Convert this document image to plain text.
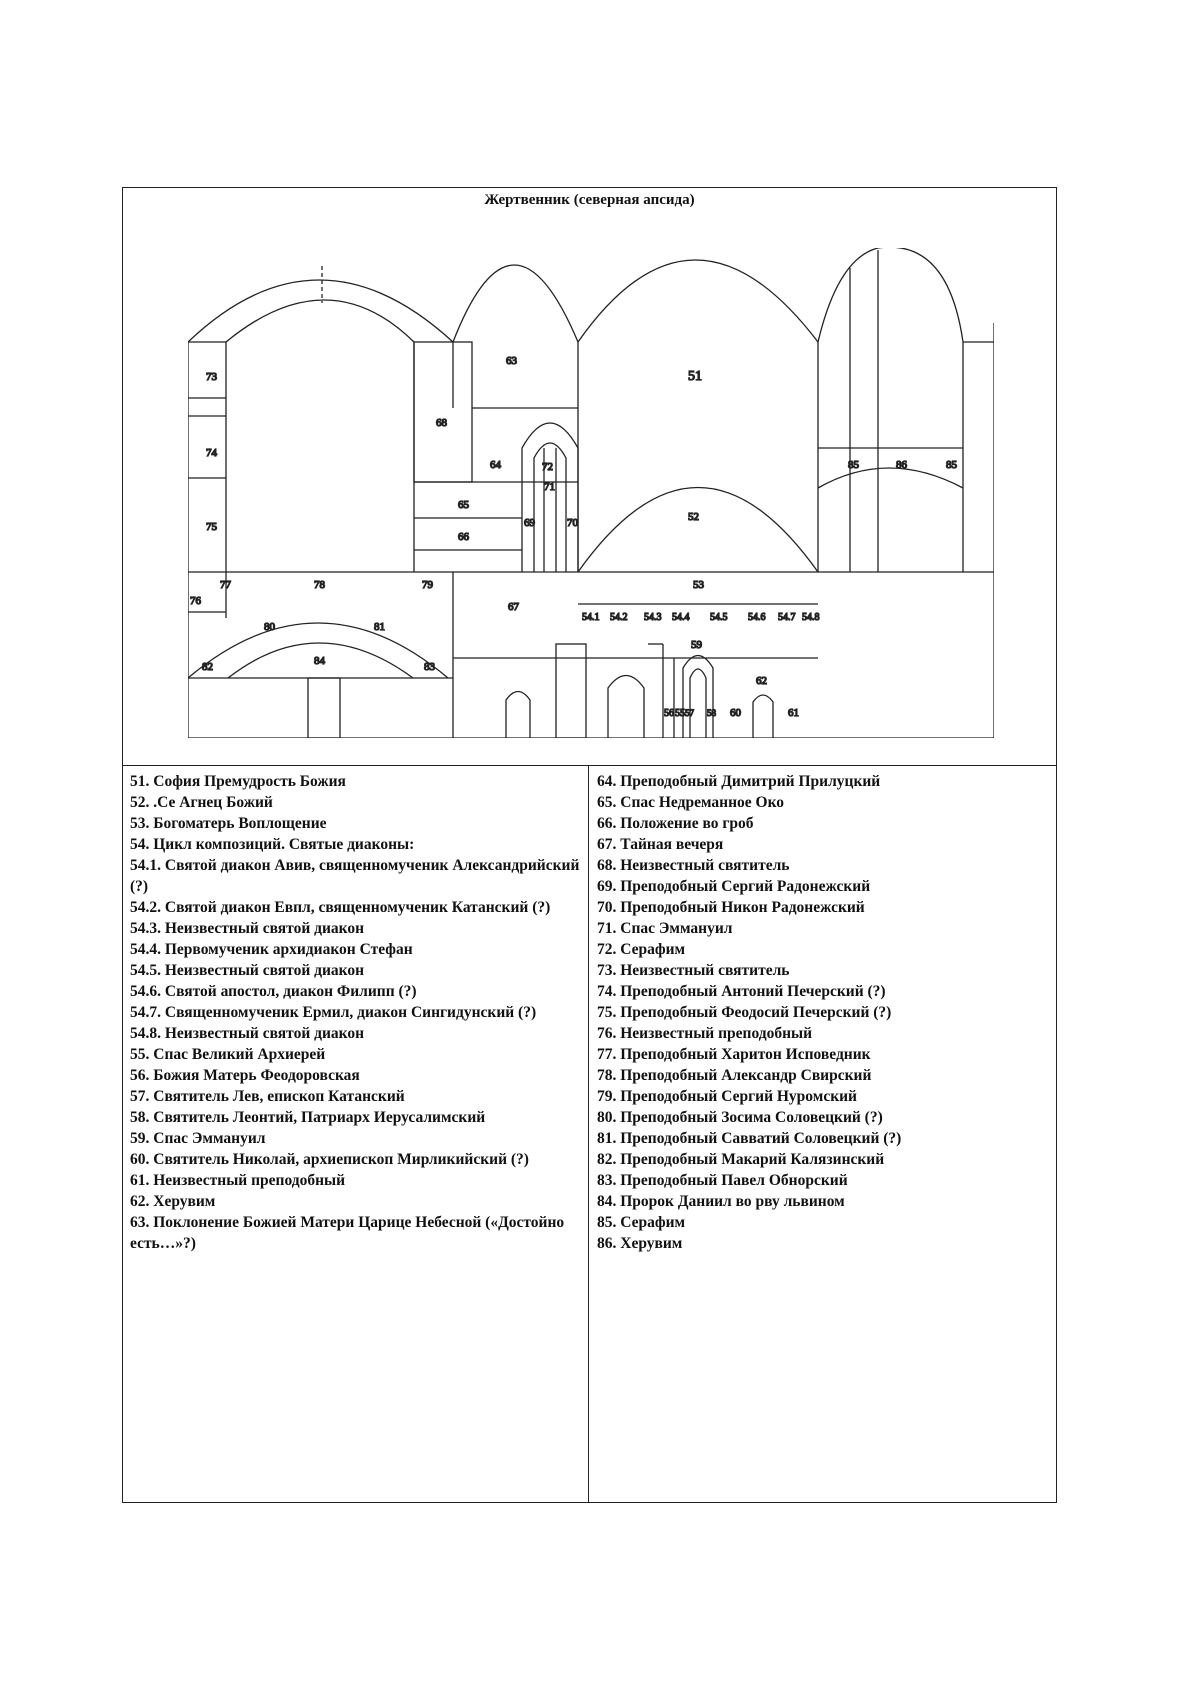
Жертвенник (северная апсида)
73
74
75
68
63
64
65
66
72
71
69	70
51
52
85	86	85
77	78	79
76
80	81
82	84	83
67
53
54.1 54.2 54.3 54.4 54.5 54.6 54.7 54.8
59
56 55 57 58 60
62
61
51. София Премудрость Божия
52. .Се Агнец Божий
53. Богоматерь Воплощение
54. Цикл композиций. Святые диаконы:
54.1. Святой диакон Авив, священномученик Александрийский (?)
54.2. Святой диакон Евпл, священномученик Катанский (?)
54.3. Неизвестный святой диакон
54.4. Первомученик архидиакон Стефан
54.5. Неизвестный святой диакон
54.6. Святой апостол, диакон Филипп (?)
54.7. Священномученик Ермил, диакон Сингидунский (?)
54.8. Неизвестный святой диакон
55. Спас Великий Архиерей
56. Божия Матерь Феодоровская
57. Святитель Лев, епископ Катанский
58. Святитель Леонтий, Патриарх Иерусалимский
59. Спас Эммануил
60. Святитель Николай, архиепископ Мирликийский (?)
61. Неизвестный преподобный
62. Херувим
63. Поклонение Божией Матери Царице Небесной («Достойно есть…»?)
64. Преподобный Димитрий Прилуцкий
65. Спас Недреманное Око
66. Положение во гроб
67. Тайная вечеря
68. Неизвестный святитель
69. Преподобный Сергий Радонежский
70. Преподобный Никон Радонежский
71. Спас Эммануил
72. Серафим
73. Неизвестный святитель
74. Преподобный Антоний Печерский (?)
75. Преподобный Феодосий Печерский (?)
76. Неизвестный преподобный
77. Преподобный Харитон Исповедник
78. Преподобный Александр Свирский
79. Преподобный Сергий Нуромский
80. Преподобный Зосима Соловецкий (?)
81. Преподобный Савватий Соловецкий (?)
82. Преподобный Макарий Калязинский
83. Преподобный Павел Обнорский
84. Пророк Даниил во рву львином
85. Серафим
86. Херувим
